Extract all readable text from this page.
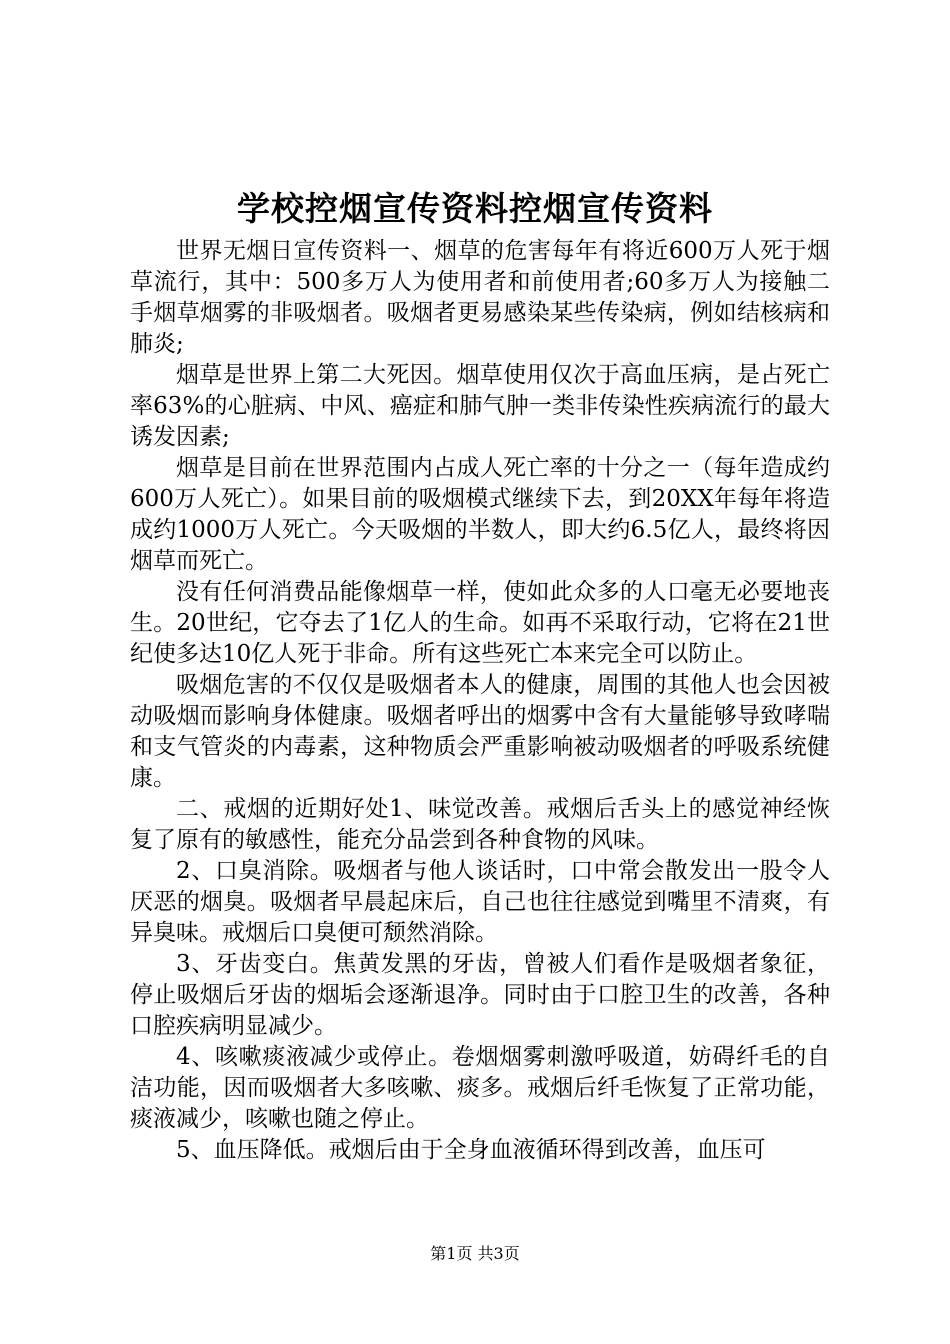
学校控烟宣传资料控烟宣传资料

世界无烟日宣传资料一、烟草的危害每年有将近600万人死于烟草流行，其中：500多万人为使用者和前使用者;60多万人为接触二手烟草烟雾的非吸烟者。吸烟者更易感染某些传染病，例如结核病和肺炎;

烟草是世界上第二大死因。烟草使用仅次于高血压病，是占死亡率63%的心脏病、中风、癌症和肺气肿一类非传染性疾病流行的最大诱发因素;

烟草是目前在世界范围内占成人死亡率的十分之一（每年造成约600万人死亡）。如果目前的吸烟模式继续下去，到20XX年每年将造成约1000万人死亡。今天吸烟的半数人，即大约6.5亿人，最终将因烟草而死亡。

没有任何消费品能像烟草一样，使如此众多的人口毫无必要地丧生。20世纪，它夺去了1亿人的生命。如再不采取行动，它将在21世纪使多达10亿人死于非命。所有这些死亡本来完全可以防止。

吸烟危害的不仅仅是吸烟者本人的健康，周围的其他人也会因被动吸烟而影响身体健康。吸烟者呼出的烟雾中含有大量能够导致哮喘和支气管炎的内毒素，这种物质会严重影响被动吸烟者的呼吸系统健康。

二、戒烟的近期好处1、味觉改善。戒烟后舌头上的感觉神经恢复了原有的敏感性，能充分品尝到各种食物的风味。

2、口臭消除。吸烟者与他人谈话时，口中常会散发出一股令人厌恶的烟臭。吸烟者早晨起床后，自己也往往感觉到嘴里不清爽，有异臭味。戒烟后口臭便可颓然消除。

3、牙齿变白。焦黄发黑的牙齿，曾被人们看作是吸烟者象征，停止吸烟后牙齿的烟垢会逐渐退净。同时由于口腔卫生的改善，各种口腔疾病明显减少。

4、咳嗽痰液减少或停止。卷烟烟雾刺激呼吸道，妨碍纤毛的自洁功能，因而吸烟者大多咳嗽、痰多。戒烟后纤毛恢复了正常功能，痰液减少，咳嗽也随之停止。

5、血压降低。戒烟后由于全身血液循环得到改善，血压可

第1页 共3页
